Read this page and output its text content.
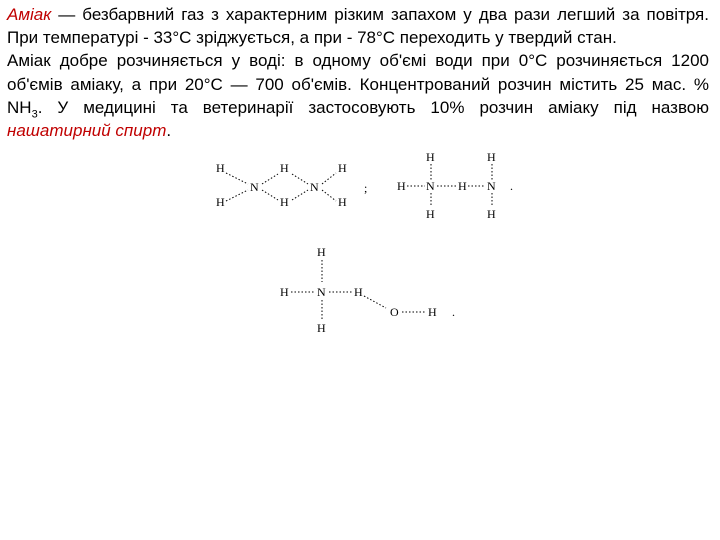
Аміак — безбарвний газ з характерним різким запахом у два рази легший за повітря. При температурі - 33°С зріджується, а при - 78°С переходить у твердий стан.

Аміак добре розчиняється у воді: в одному об'ємі води при 0°С розчиняється 1200 об'ємів аміаку, а при 20°С — 700 об'ємів. Концентрований розчин містить 25 мас. % $NH_3$. У медицині та ветеринарії застосовують 10% розчин аміаку під назвою нашатирний спирт.

H
H
N
H
H
N
H
H
;
H	H
H N H N
H	H
.
H
H N H
H
O H .
